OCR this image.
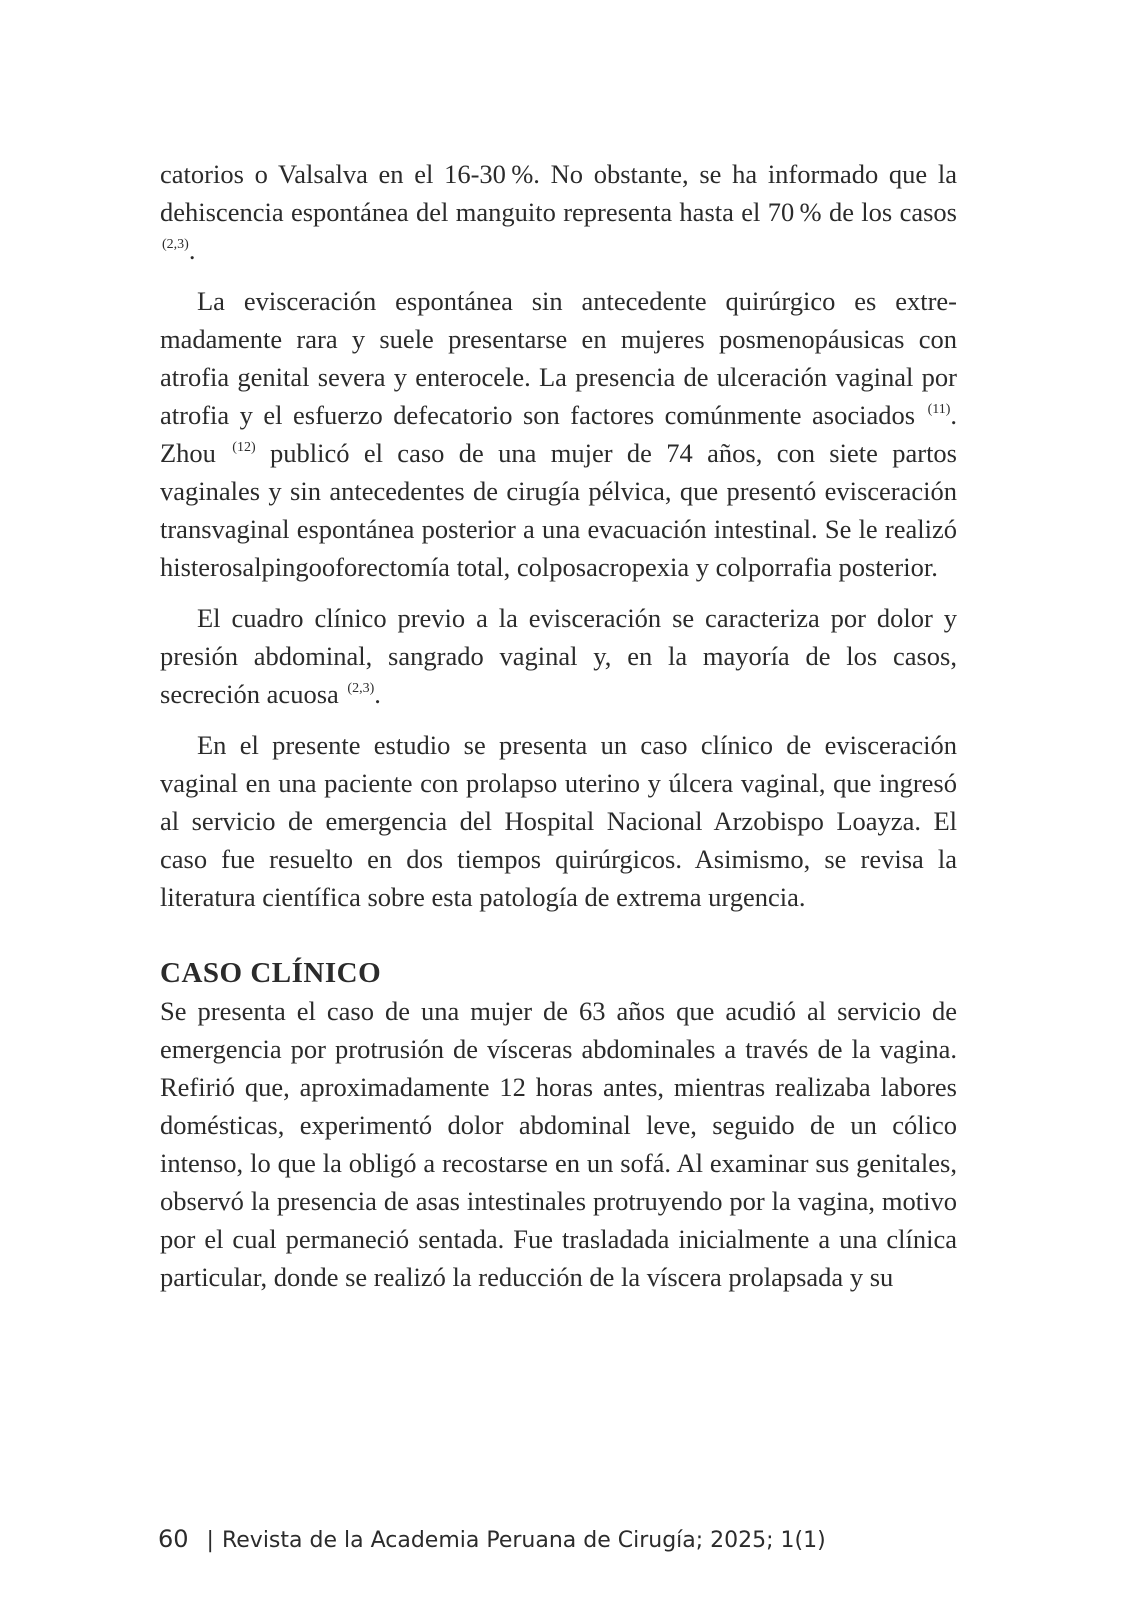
catorios o Valsalva en el 16-30 %. No obstante, se ha informado que la dehiscencia espontánea del manguito representa hasta el 70 % de los casos $^{(2,3)}$.

La evisceración espontánea sin antecedente quirúrgico es extremadamente rara y suele presentarse en mujeres posmenopáusicas con atrofia genital severa y enterocele. La presencia de ulceración vaginal por atrofia y el esfuerzo defecatorio son factores comúnmente asociados $^{(11)}$. Zhou $^{(12)}$ publicó el caso de una mujer de 74 años, con siete partos vaginales y sin antecedentes de cirugía pélvica, que presentó evisceración transvaginal espontánea posterior a una evacuación intestinal. Se le realizó histerosalpingooforectomía total, colposacropexia y colporrafia posterior.

El cuadro clínico previo a la evisceración se caracteriza por dolor y presión abdominal, sangrado vaginal y, en la mayoría de los casos, secreción acuosa $^{(2,3)}$.

En el presente estudio se presenta un caso clínico de evisceración vaginal en una paciente con prolapso uterino y úlcera vaginal, que ingresó al servicio de emergencia del Hospital Nacional Arzobispo Loayza. El caso fue resuelto en dos tiempos quirúrgicos. Asimismo, se revisa la literatura científica sobre esta patología de extrema urgencia.

CASO CLÍNICO

Se presenta el caso de una mujer de 63 años que acudió al servicio de emergencia por protrusión de vísceras abdominales a través de la vagina. Refirió que, aproximadamente 12 horas antes, mientras realizaba labores domésticas, experimentó dolor abdominal leve, seguido de un cólico intenso, lo que la obligó a recostarse en un sofá. Al examinar sus genitales, observó la presencia de asas intestinales protruyendo por la vagina, motivo por el cual permaneció sentada. Fue trasladada inicialmente a una clínica particular, donde se realizó la reducción de la víscera prolapsada y su

60 | Revista de la Academia Peruana de Cirugía; 2025; 1(1)
